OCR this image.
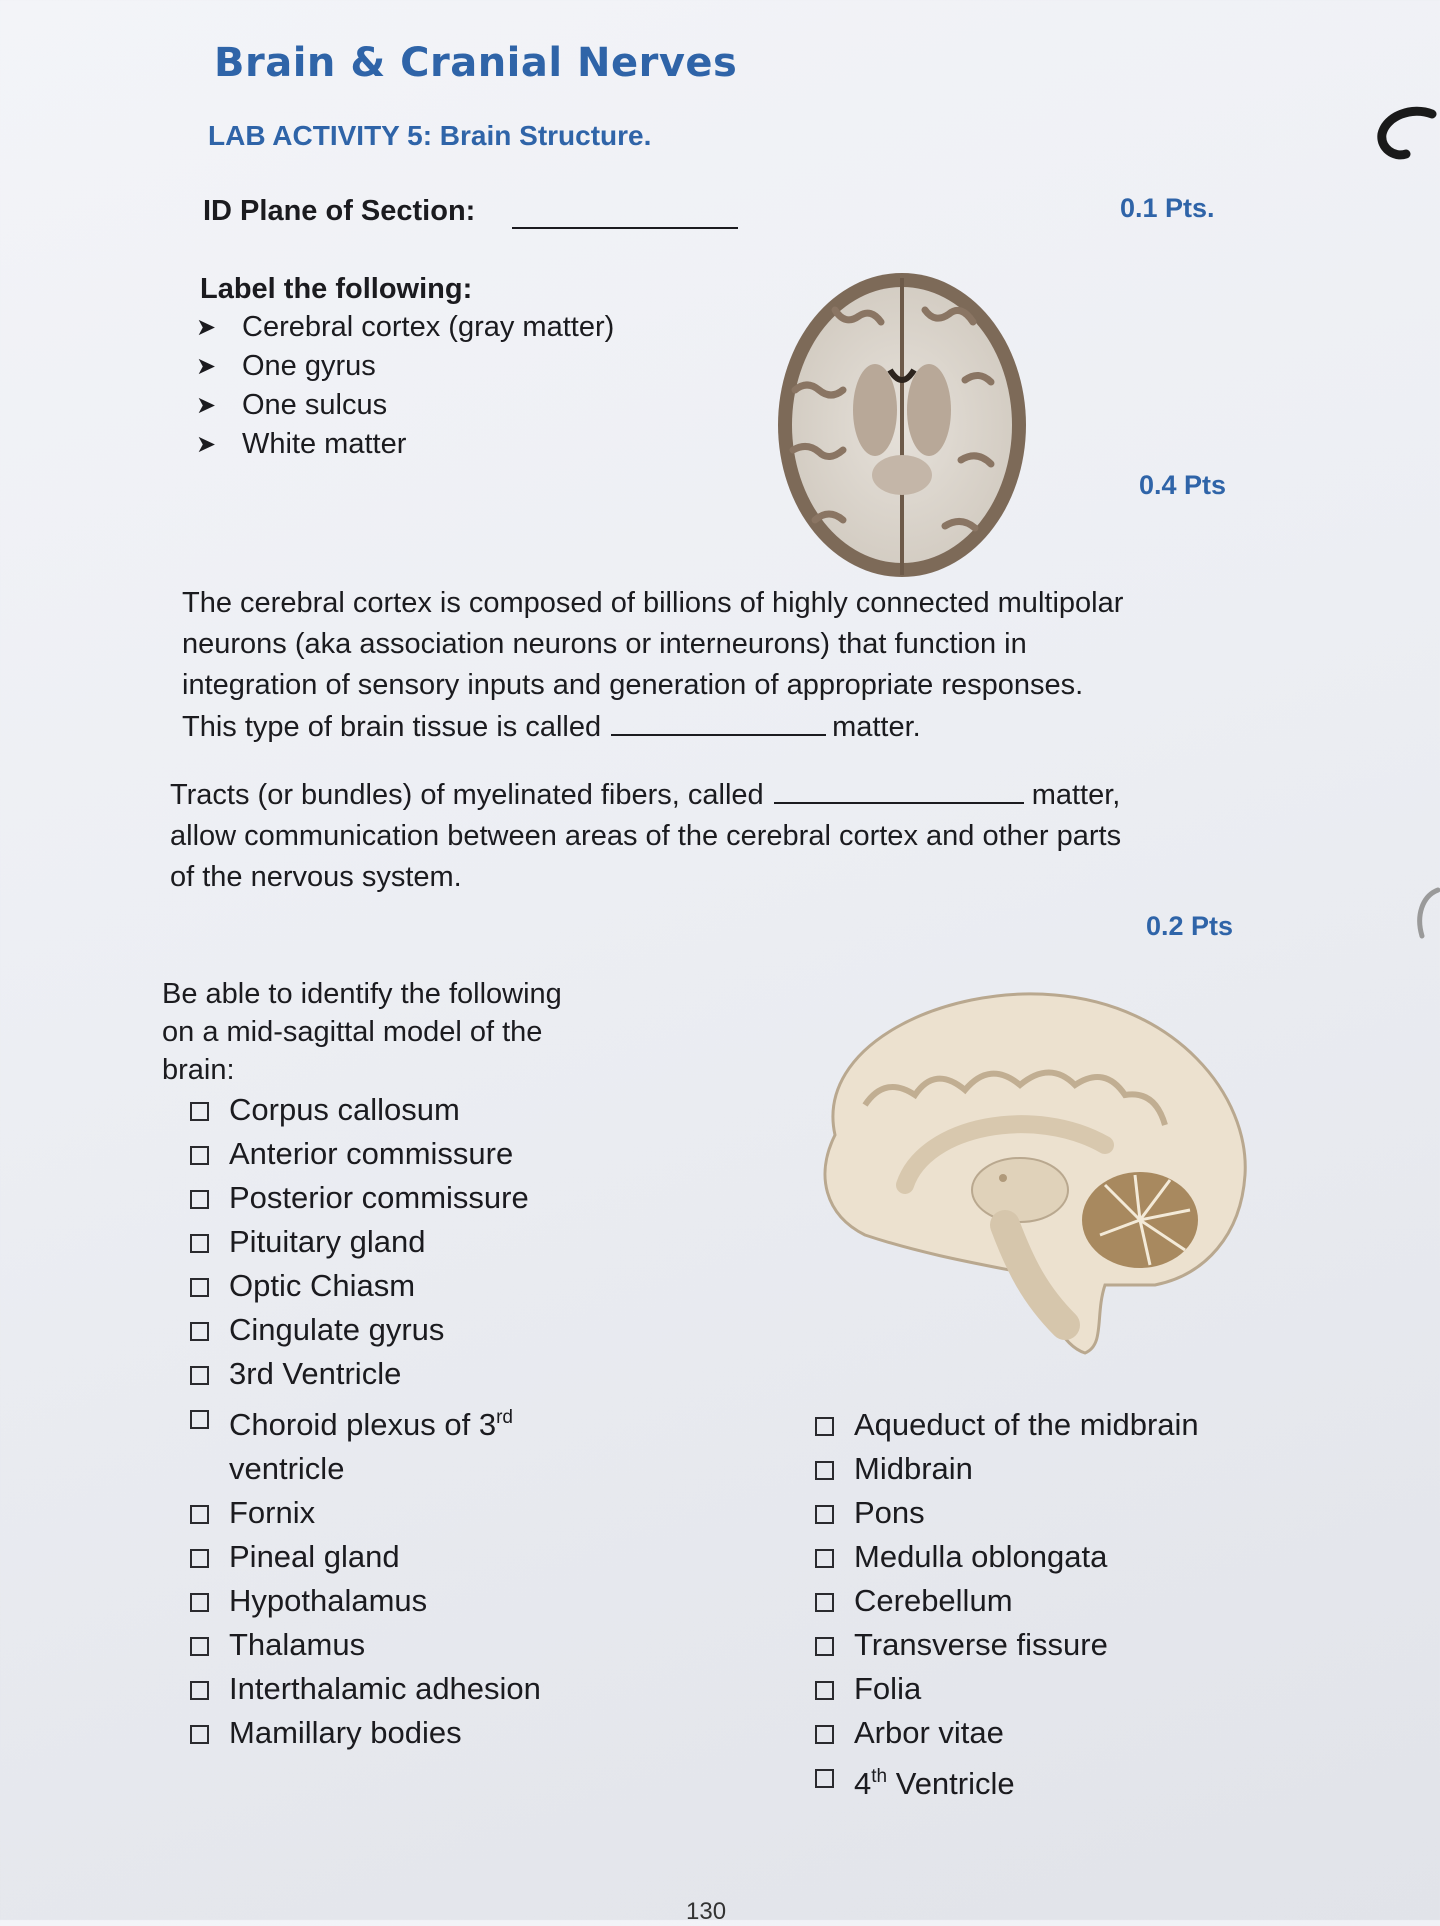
Brain & Cranial Nerves
LAB ACTIVITY 5: Brain Structure.
ID Plane of Section:	0.1 Pts.
Label the following:
➤ Cerebral cortex (gray matter)
➤ One gyrus
➤ One sulcus
➤ White matter
0.4 Pts
The cerebral cortex is composed of billions of highly connected multipolar
neurons (aka association neurons or interneurons) that function in
integration of sensory inputs and generation of appropriate responses.
This type of brain tissue is called	matter.
Tracts (or bundles) of myelinated fibers, called	matter,
allow communication between areas of the cerebral cortex and other parts
of the nervous system.
0.2 Pts
Be able to identify the following
on a mid-sagittal model of the
brain:
Corpus callosum
Anterior commissure
Posterior commissure
Pituitary gland
Optic Chiasm
Cingulate gyrus
3rd Ventricle
Choroid plexus of 3rd
ventricle
Fornix
Pineal gland
Hypothalamus
Thalamus
Interthalamic adhesion
Mamillary bodies
Aqueduct of the midbrain
Midbrain
Pons
Medulla oblongata
Cerebellum
Transverse fissure
Folia
Arbor vitae
4th Ventricle
130
